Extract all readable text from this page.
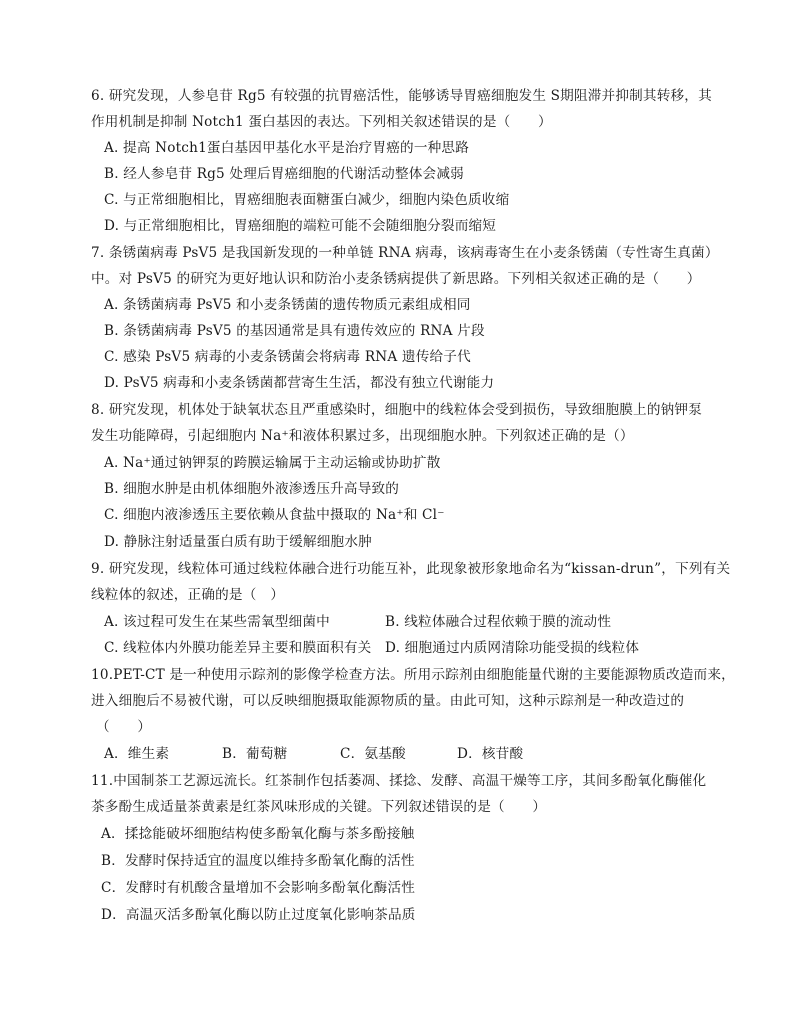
6. 研究发现，人参皂苷 Rg5 有较强的抗胃癌活性，能够诱导胃癌细胞发生 S期阻滞并抑制其转移，其
作用机制是抑制 Notch1 蛋白基因的表达。下列相关叙述错误的是（　　）
A. 提高 Notch1蛋白基因甲基化水平是治疗胃癌的一种思路
B. 经人参皂苷 Rg5 处理后胃癌细胞的代谢活动整体会减弱
C. 与正常细胞相比，胃癌细胞表面糖蛋白减少，细胞内染色质收缩
D. 与正常细胞相比，胃癌细胞的端粒可能不会随细胞分裂而缩短
7. 条锈菌病毒 PsV5 是我国新发现的一种单链 RNA 病毒，该病毒寄生在小麦条锈菌（专性寄生真菌）
中。对 PsV5 的研究为更好地认识和防治小麦条锈病提供了新思路。下列相关叙述正确的是（　　）
A. 条锈菌病毒 PsV5 和小麦条锈菌的遗传物质元素组成相同
B. 条锈菌病毒 PsV5 的基因通常是具有遗传效应的 RNA 片段
C. 感染 PsV5 病毒的小麦条锈菌会将病毒 RNA 遗传给子代
D. PsV5 病毒和小麦条锈菌都营寄生生活，都没有独立代谢能力
8. 研究发现，机体处于缺氧状态且严重感染时，细胞中的线粒体会受到损伤，导致细胞膜上的钠钾泵
发生功能障碍，引起细胞内 Na⁺和液体积累过多，出现细胞水肿。下列叙述正确的是（）
A. Na⁺通过钠钾泵的跨膜运输属于主动运输或协助扩散
B. 细胞水肿是由机体细胞外液渗透压升高导致的
C. 细胞内液渗透压主要依赖从食盐中摄取的 Na⁺和 Cl⁻
D. 静脉注射适量蛋白质有助于缓解细胞水肿
9. 研究发现，线粒体可通过线粒体融合进行功能互补，此现象被形象地命名为“kissan-drun”，下列有关
线粒体的叙述，正确的是（　）
A. 该过程可发生在某些需氧型细菌中	B. 线粒体融合过程依赖于膜的流动性
C. 线粒体内外膜功能差异主要和膜面积有关 D. 细胞通过内质网清除功能受损的线粒体
10.PET-CT 是一种使用示踪剂的影像学检查方法。所用示踪剂由细胞能量代谢的主要能源物质改造而来，
进入细胞后不易被代谢，可以反映细胞摄取能源物质的量。由此可知，这种示踪剂是一种改造过的
（　　）
A．维生素	B．葡萄糖	C．氨基酸	D．核苷酸
11.中国制茶工艺源远流长。红茶制作包括萎凋、揉捻、发酵、高温干燥等工序，其间多酚氧化酶催化
茶多酚生成适量茶黄素是红茶风味形成的关键。下列叙述错误的是（　　）
A．揉捻能破坏细胞结构使多酚氧化酶与茶多酚接触
B．发酵时保持适宜的温度以维持多酚氧化酶的活性
C．发酵时有机酸含量增加不会影响多酚氧化酶活性
D．高温灭活多酚氧化酶以防止过度氧化影响茶品质
